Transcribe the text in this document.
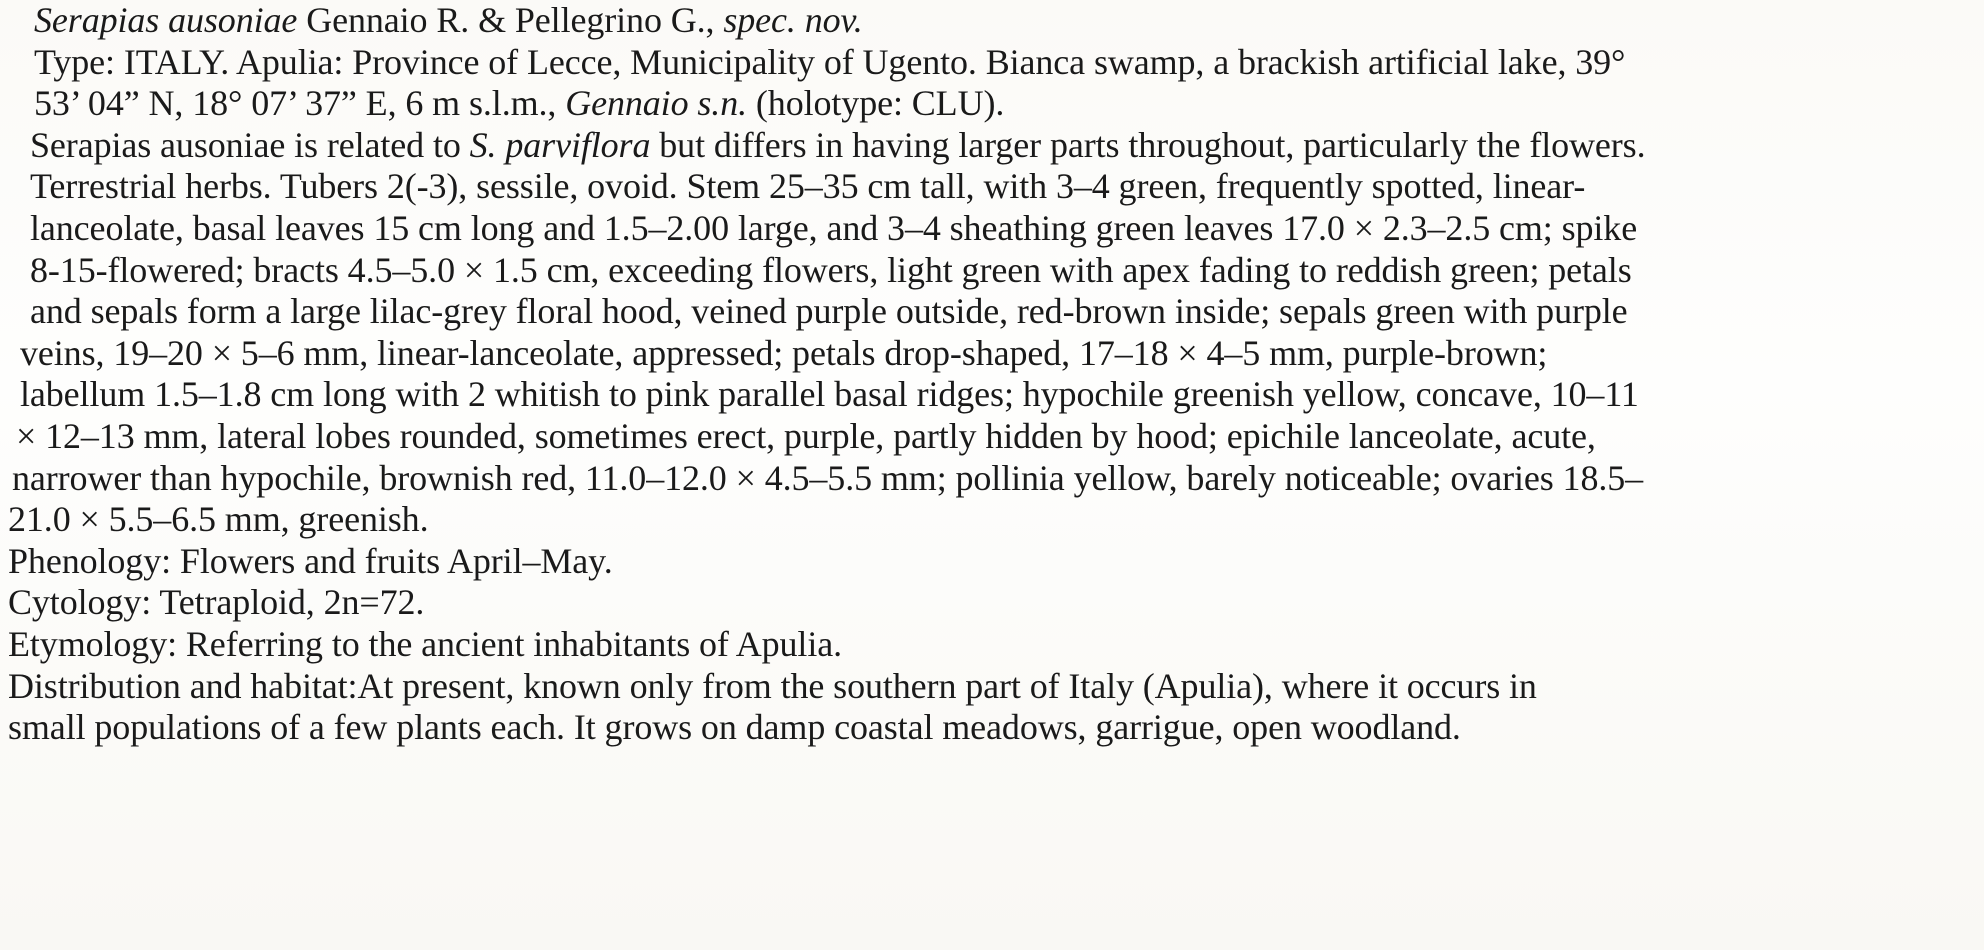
Serapias ausoniae Gennaio R. & Pellegrino G., spec. nov.
Type: ITALY. Apulia: Province of Lecce, Municipality of Ugento. Bianca swamp, a brackish artificial lake, 39°
53’ 04” N, 18° 07’ 37” E, 6 m s.l.m., Gennaio s.n. (holotype: CLU).
Serapias ausoniae is related to S. parviflora but differs in having larger parts throughout, particularly the flowers.
Terrestrial herbs. Tubers 2(-3), sessile, ovoid. Stem 25–35 cm tall, with 3–4 green, frequently spotted, linear-
lanceolate, basal leaves 15 cm long and 1.5–2.00 large, and 3–4 sheathing green leaves 17.0 × 2.3–2.5 cm; spike
8-15-flowered; bracts 4.5–5.0 × 1.5 cm, exceeding flowers, light green with apex fading to reddish green; petals
and sepals form a large lilac-grey floral hood, veined purple outside, red-brown inside; sepals green with purple
veins, 19–20 × 5–6 mm, linear-lanceolate, appressed; petals drop-shaped, 17–18 × 4–5 mm, purple-brown;
labellum 1.5–1.8 cm long with 2 whitish to pink parallel basal ridges; hypochile greenish yellow, concave, 10–11
× 12–13 mm, lateral lobes rounded, sometimes erect, purple, partly hidden by hood; epichile lanceolate, acute,
narrower than hypochile, brownish red, 11.0–12.0 × 4.5–5.5 mm; pollinia yellow, barely noticeable; ovaries 18.5–
21.0 × 5.5–6.5 mm, greenish.
Phenology: Flowers and fruits April–May.
Cytology: Tetraploid, 2n=72.
Etymology: Referring to the ancient inhabitants of Apulia.
Distribution and habitat:At present, known only from the southern part of Italy (Apulia), where it occurs in
small populations of a few plants each. It grows on damp coastal meadows, garrigue, open woodland.
